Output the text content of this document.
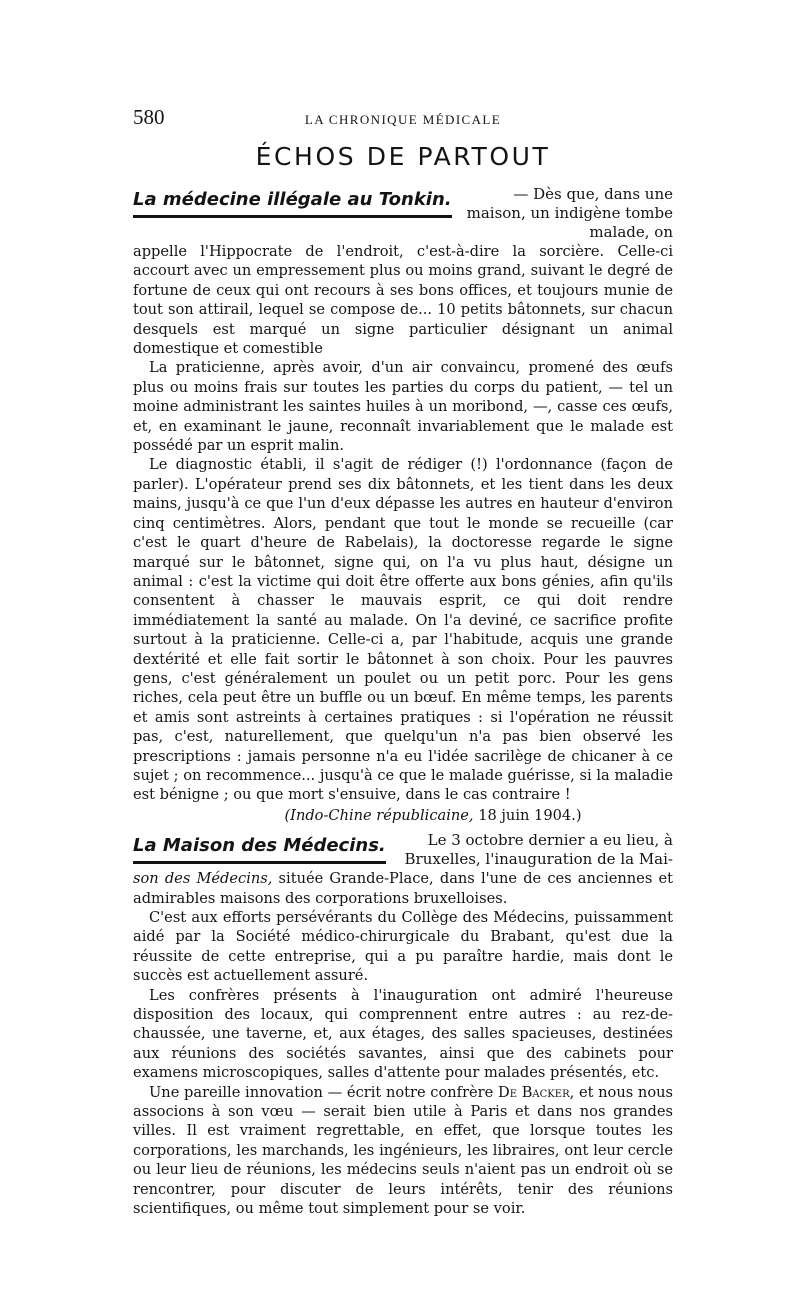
580	LA CHRONIQUE MÉDICALE
ÉCHOS DE PARTOUT
La médecine illégale au Tonkin.	— Dès que, dans une maison, un indigène tombe malade, on

appelle l'Hippocrate de l'endroit, c'est-à-dire la sorcière. Celle-ci accourt avec un empressement plus ou moins grand, suivant le degré de fortune de ceux qui ont recours à ses bons offices, et toujours munie de tout son attirail, lequel se compose de... 10 petits bâtonnets, sur chacun desquels est marqué un signe particulier désignant un animal domestique et comestible

La praticienne, après avoir, d'un air convaincu, promené des œufs plus ou moins frais sur toutes les parties du corps du patient, — tel un moine administrant les saintes huiles à un moribond, —, casse ces œufs, et, en examinant le jaune, reconnaît invariablement que le malade est possédé par un esprit malin.

Le diagnostic établi, il s'agit de rédiger (!) l'ordonnance (façon de parler). L'opérateur prend ses dix bâtonnets, et les tient dans les deux mains, jusqu'à ce que l'un d'eux dépasse les autres en hauteur d'environ cinq centimètres. Alors, pendant que tout le monde se recueille (car c'est le quart d'heure de Rabelais), la doctoresse regarde le signe marqué sur le bâtonnet, signe qui, on l'a vu plus haut, désigne un animal : c'est la victime qui doit être offerte aux bons génies, afin qu'ils consentent à chasser le mauvais esprit, ce qui doit rendre immédiatement la santé au malade. On l'a deviné, ce sacrifice profite surtout à la praticienne. Celle-ci a, par l'habitude, acquis une grande dextérité et elle fait sortir le bâtonnet à son choix. Pour les pauvres gens, c'est généralement un poulet ou un petit porc. Pour les gens riches, cela peut être un buffle ou un bœuf. En même temps, les parents et amis sont astreints à certaines pratiques : si l'opération ne réussit pas, c'est, naturellement, que quelqu'un n'a pas bien observé les prescriptions : jamais personne n'a eu l'idée sacrilège de chicaner à ce sujet ; on recommence... jusqu'à ce que le malade guérisse, si la maladie est bénigne ; ou que mort s'ensuive, dans le cas contraire !

(Indo-Chine républicaine, 18 juin 1904.)

La Maison des Médecins.	Le 3 octobre dernier a eu lieu, à Bruxelles, l'inauguration de la Mai-

son des Médecins, située Grande-Place, dans l'une de ces anciennes et admirables maisons des corporations bruxelloises.

C'est aux efforts persévérants du Collège des Médecins, puissamment aidé par la Société médico-chirurgicale du Brabant, qu'est due la réussite de cette entreprise, qui a pu paraître hardie, mais dont le succès est actuellement assuré.

Les confrères présents à l'inauguration ont admiré l'heureuse disposition des locaux, qui comprennent entre autres : au rez-de-chaussée, une taverne, et, aux étages, des salles spacieuses, destinées aux réunions des sociétés savantes, ainsi que des cabinets pour examens microscopiques, salles d'attente pour malades présentés, etc.

Une pareille innovation — écrit notre confrère De Backer, et nous nous associons à son vœu — serait bien utile à Paris et dans nos grandes villes. Il est vraiment regrettable, en effet, que lorsque toutes les corporations, les marchands, les ingénieurs, les libraires, ont leur cercle ou leur lieu de réunions, les médecins seuls n'aient pas un endroit où se rencontrer, pour discuter de leurs intérêts, tenir des réunions scientifiques, ou même tout simplement pour se voir.
